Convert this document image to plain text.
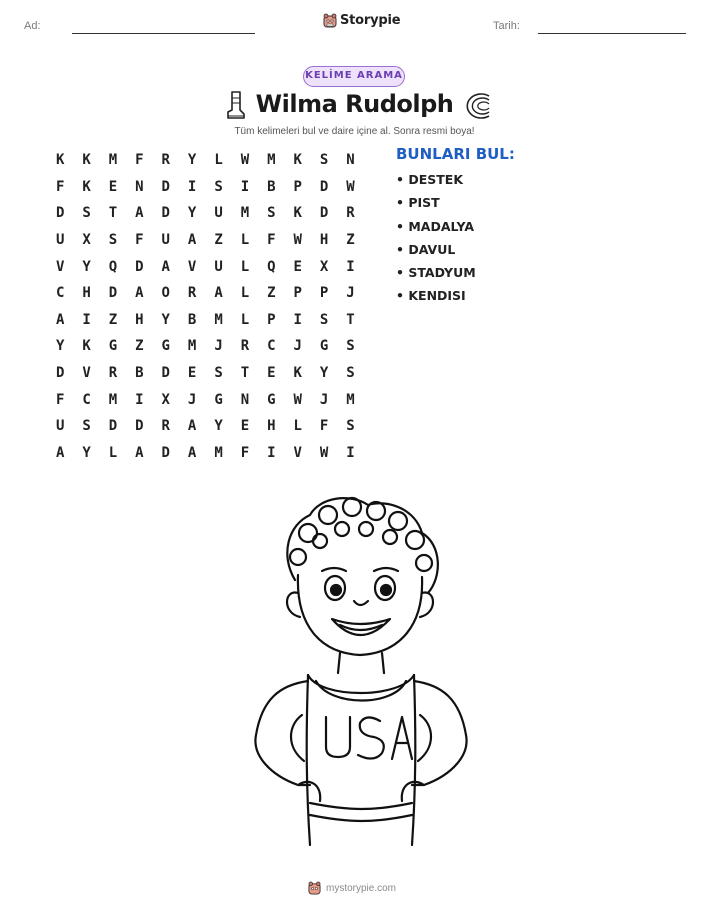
Ad:	Tarih:
Storypie
KELİME ARAMA
Wilma Rudolph
Tüm kelimeleri bul ve daire içine al. Sonra resmi boya!
K	K	M	F	R	Y	L	W	M	K	S	N
F	K	E	N	D	I	S	I	B	P	D	W
D	S	T	A	D	Y	U	M	S	K	D	R
U	X	S	F	U	A	Z	L	F	W	H	Z
V	Y	Q	D	A	V	U	L	Q	E	X	I
C	H	D	A	O	R	A	L	Z	P	P	J
A	I	Z	H	Y	B	M	L	P	I	S	T
Y	K	G	Z	G	M	J	R	C	J	G	S
D	V	R	B	D	E	S	T	E	K	Y	S
F	C	M	I	X	J	G	N	G	W	J	M
U	S	D	D	R	A	Y	E	H	L	F	S
A	Y	L	A	D	A	M	F	I	V	W	I
BUNLARI BUL:
• DESTEK
• PIST
• MADALYA
• DAVUL
• STADYUM
• KENDISI
mystorypie.com
